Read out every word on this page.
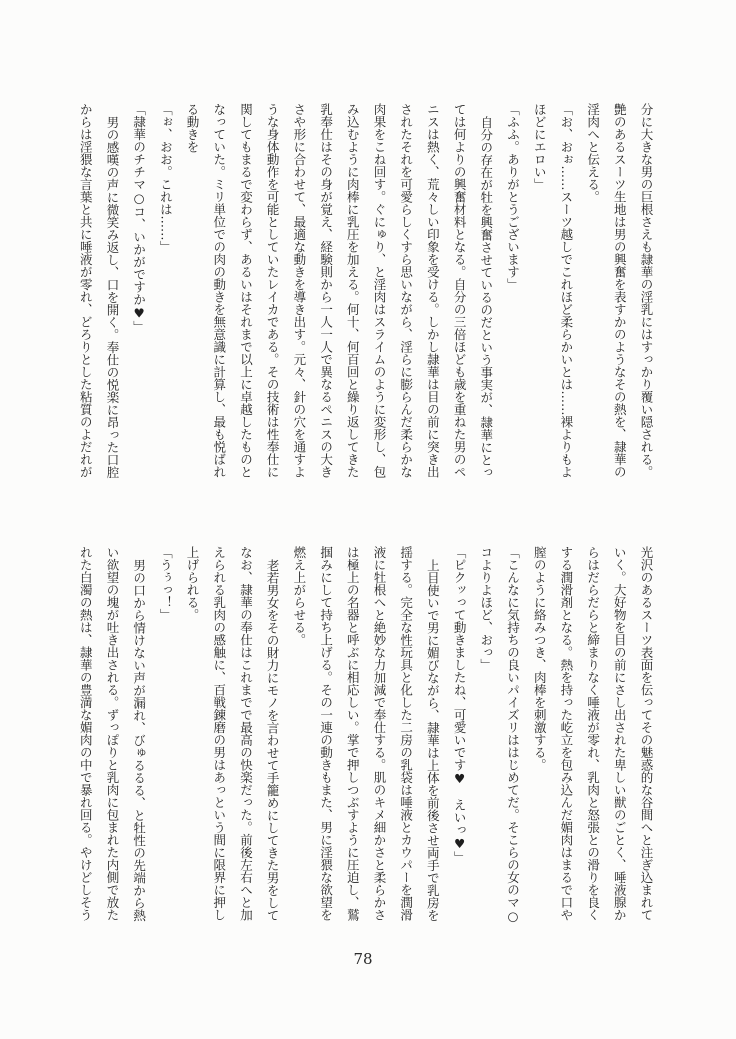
分に大きな男の巨根さえも隷華の淫乳にはすっかり覆い隠される。
艶のあるスーツ生地は男の興奮を表すかのようなその熱を、隷華の
淫肉へと伝える。
「お、おぉ……スーツ越しでこれほど柔らかいとは……裸よりもよ
ほどにエロい」
「ふふ。ありがとうございます」
自分の存在が牡を興奮させているのだという事実が、隷華にとっ
ては何よりの興奮材料となる。自分の三倍ほども歳を重ねた男のペ
ニスは熱く、荒々しい印象を受ける。しかし隷華は目の前に突き出
されたそれを可愛らしくすら思いながら、淫らに膨らんだ柔らかな
肉果をこね回す。ぐにゅり、と淫肉はスライムのように変形し、包
み込むように肉棒に乳圧を加える。何十、何百回と繰り返してきた
乳奉仕はその身が覚え、経験則から一人一人で異なるペニスの大き
さや形に合わせて、最適な動きを導き出す。元々、針の穴を通すよ
うな身体動作を可能としていたレイカである。その技術は性奉仕に
関してもまるで変わらず、あるいはそれまで以上に卓越したものと
なっていた。ミリ単位での肉の動きを無意識に計算し、最も悦ばれ
る動きを
「ぉ、おお。これは……」
「隷華のチチマ○コ、いかがですか♥」
男の感嘆の声に微笑み返し、口を開く。奉仕の悦楽に昂った口腔
からは淫猥な言葉と共に唾液が零れ、どろりとした粘質のよだれが
光沢のあるスーツ表面を伝ってその魅惑的な谷間へと注ぎ込まれて
いく。大好物を目の前にさし出された卑しい獣のごとく、唾液腺か
らはだらだらと締まりなく唾液が零れ、乳肉と怒張との滑りを良く
する潤滑剤となる。熱を持った屹立を包み込んだ媚肉はまるで口や
膣のように絡みつき、肉棒を刺激する。
「こんなに気持ちの良いパイズリははじめてだ。そこらの女のマ○
コよりよほど、おっ」
「ピクッって動きましたね、可愛いです♥　えいっ♥」
上目使いで男に媚びながら、隷華は上体を前後させ両手で乳房を
揺する。完全な性玩具と化した二房の乳袋は唾液とカウパーを潤滑
液に牡根へと絶妙な力加減で奉仕する。肌のキメ細かさと柔らかさ
は極上の名器と呼ぶに相応しい。掌で押しつぶすように圧迫し、鷲
掴みにして持ち上げる。その一連の動きもまた、男に淫猥な欲望を
燃え上がらせる。
老若男女をその財力にモノを言わせて手籠めにしてきた男をして
なお、隷華の奉仕はこれまでで最高の快楽だった。前後左右へと加
えられる乳肉の感触に、百戦錬磨の男はあっという間に限界に押し
上げられる。
「うぅっ！」
男の口から情けない声が漏れ、びゅるるる、と牡性の先端から熱
い欲望の塊が吐き出される。ずっぽりと乳肉に包まれた内側で放た
れた白濁の熱は、隷華の豊満な媚肉の中で暴れ回る。やけどしそう
78
